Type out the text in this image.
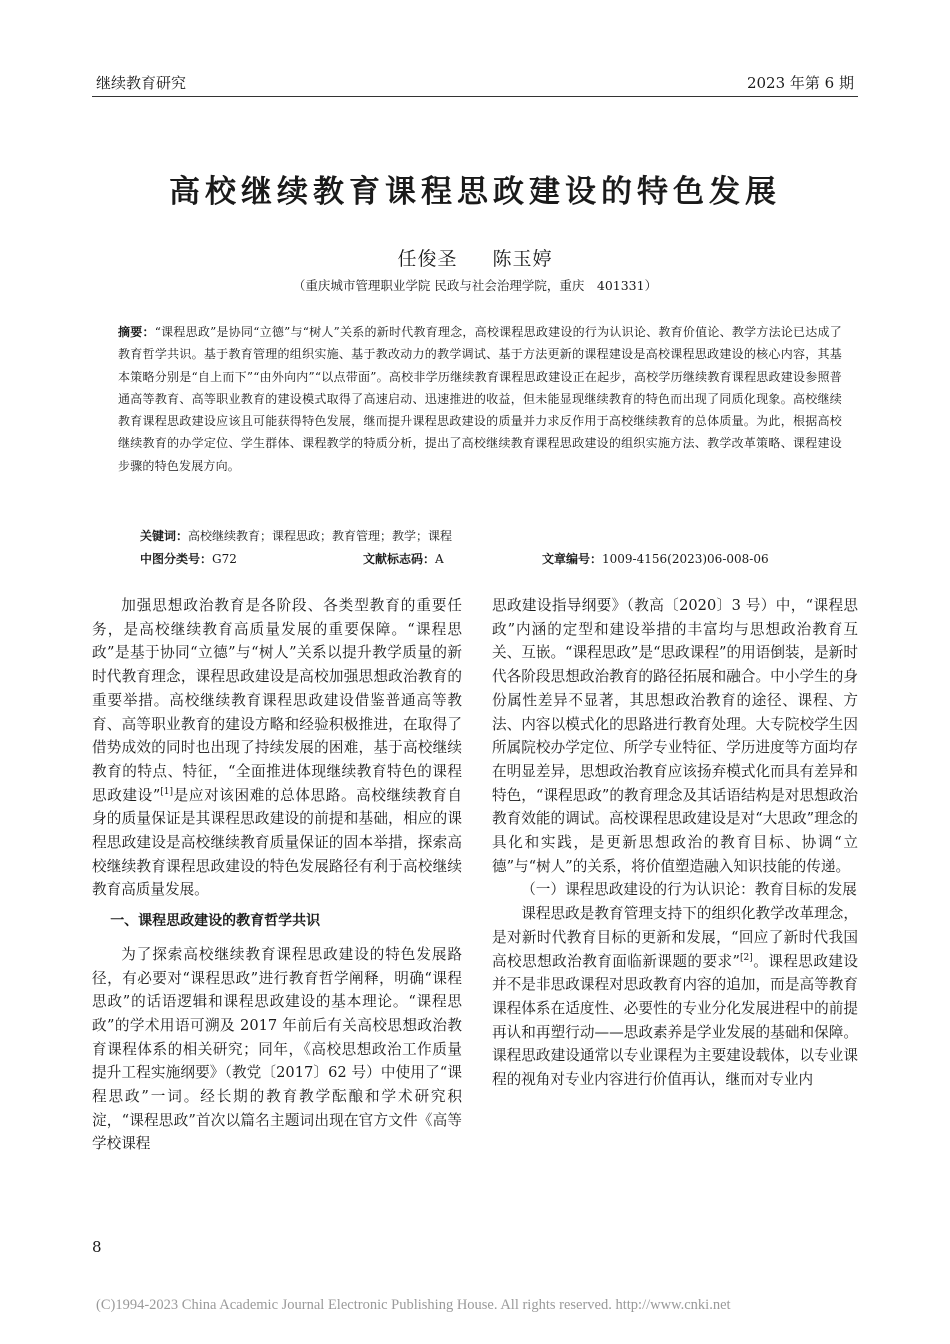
继续教育研究	2023 年第 6 期
高校继续教育课程思政建设的特色发展
任俊圣 陈玉婷
（重庆城市管理职业学院 民政与社会治理学院，重庆　401331）
摘要：“课程思政”是协同“立德”与“树人”关系的新时代教育理念，高校课程思政建设的行为认识论、教育价值论、教学方法论已达成了教育哲学共识。基于教育管理的组织实施、基于教改动力的教学调试、基于方法更新的课程建设是高校课程思政建设的核心内容，其基本策略分别是“自上而下”“由外向内”“以点带面”。高校非学历继续教育课程思政建设正在起步，高校学历继续教育课程思政建设参照普通高等教育、高等职业教育的建设模式取得了高速启动、迅速推进的收益，但未能显现继续教育的特色而出现了同质化现象。高校继续教育课程思政建设应该且可能获得特色发展，继而提升课程思政建设的质量并力求反作用于高校继续教育的总体质量。为此，根据高校继续教育的办学定位、学生群体、课程教学的特质分析，提出了高校继续教育课程思政建设的组织实施方法、教学改革策略、课程建设步骤的特色发展方向。
关键词：高校继续教育；课程思政；教育管理；教学；课程
中图分类号：G72	文献标志码：A	文章编号：1009-4156(2023)06-008-06

加强思想政治教育是各阶段、各类型教育的重要任务，是高校继续教育高质量发展的重要保障。“课程思政”是基于协同“立德”与“树人”关系以提升教学质量的新时代教育理念，课程思政建设是高校加强思想政治教育的重要举措。高校继续教育课程思政建设借鉴普通高等教育、高等职业教育的建设方略和经验积极推进，在取得了借势成效的同时也出现了持续发展的困难，基于高校继续教育的特点、特征，“全面推进体现继续教育特色的课程思政建设”[1]是应对该困难的总体思路。高校继续教育自身的质量保证是其课程思政建设的前提和基础，相应的课程思政建设是高校继续教育质量保证的固本举措，探索高校继续教育课程思政建设的特色发展路径有利于高校继续教育高质量发展。

一、课程思政建设的教育哲学共识

为了探索高校继续教育课程思政建设的特色发展路径，有必要对“课程思政”进行教育哲学阐释，明确“课程思政”的话语逻辑和课程思政建设的基本理论。“课程思政”的学术用语可溯及 2017 年前后有关高校思想政治教育课程体系的相关研究；同年，《高校思想政治工作质量提升工程实施纲要》（教党〔2017〕62 号）中使用了“课程思政”一词。经长期的教育教学酝酿和学术研究积淀，“课程思政”首次以篇名主题词出现在官方文件《高等学校课程

思政建设指导纲要》（教高〔2020〕3 号）中，“课程思政”内涵的定型和建设举措的丰富均与思想政治教育互关、互嵌。“课程思政”是“思政课程”的用语倒装，是新时代各阶段思想政治教育的路径拓展和融合。中小学生的身份属性差异不显著，其思想政治教育的途径、课程、方法、内容以模式化的思路进行教育处理。大专院校学生因所属院校办学定位、所学专业特征、学历进度等方面均存在明显差异，思想政治教育应该扬弃模式化而具有差异和特色，“课程思政”的教育理念及其话语结构是对思想政治教育效能的调试。高校课程思政建设是对“大思政”理念的具化和实践，是更新思想政治的教育目标、协调“立德”与“树人”的关系，将价值塑造融入知识技能的传递。

（一）课程思政建设的行为认识论：教育目标的发展

课程思政是教育管理支持下的组织化教学改革理念，是对新时代教育目标的更新和发展，“回应了新时代我国高校思想政治教育面临新课题的要求”[2]。课程思政建设并不是非思政课程对思政教育内容的追加，而是高等教育课程体系在适度性、必要性的专业分化发展进程中的前提再认和再塑行动——思政素养是学业发展的基础和保障。课程思政建设通常以专业课程为主要建设载体，以专业课程的视角对专业内容进行价值再认，继而对专业内

8
(C)1994-2023 China Academic Journal Electronic Publishing House. All rights reserved. http://www.cnki.net
